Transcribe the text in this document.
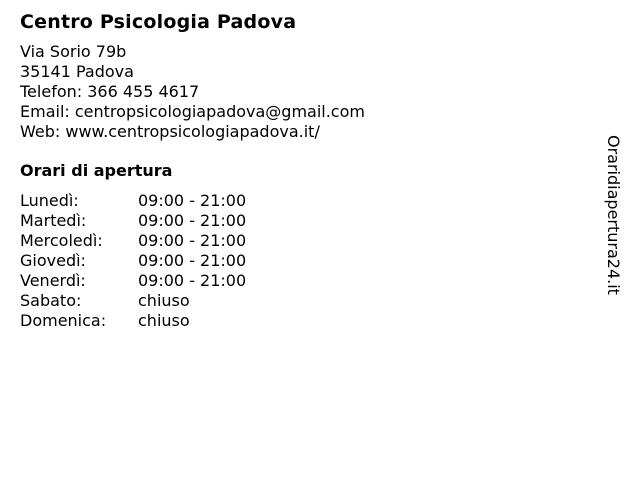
Centro Psicologia Padova
Via Sorio 79b
35141 Padova
Telefon: 366 455 4617
Email: centropsicologiapadova@gmail.com
Web: www.centropsicologiapadova.it/
Orari di apertura
Lunedì:	09:00 - 21:00
Martedì:	09:00 - 21:00
Mercoledì:	09:00 - 21:00
Giovedì:	09:00 - 21:00
Venerdì:	09:00 - 21:00
Sabato:	chiuso
Domenica:	chiuso
Oraridiapertura24.it
